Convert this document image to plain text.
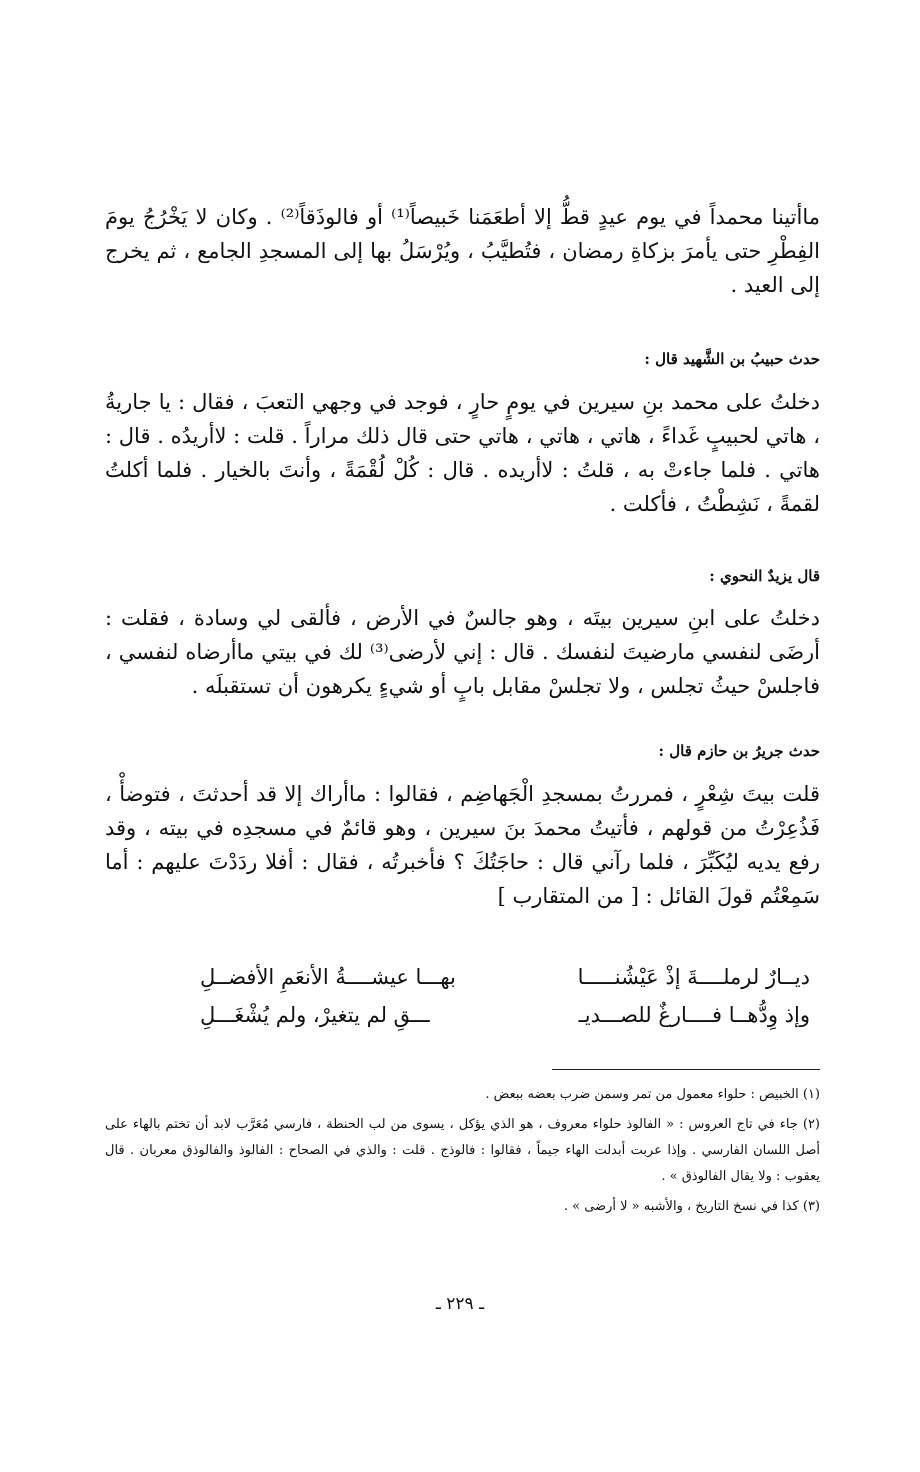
ماأتينا محمداً في يوم عيدٍ قطُّ إلا أطعَمَنا خَبيصاً⁽¹⁾ أو فالوذَقاً⁽²⁾ . وكان لا يَخْرُجُ يومَ الفِطْرِ حتى يأمرَ بزكاةِ رمضان ، فتُطيَّبُ ، ويُرْسَلُ بها إلى المسجدِ الجامع ، ثم يخرج إلى العيد .

حدث حبيبُ بن الشَّهيد قال :

دخلتُ على محمد بنِ سيرين في يومٍ حارٍ ، فوجد في وجهي التعبَ ، فقال : يا جاريةُ ، هاتي لحبيبٍ غَداءً ، هاتي ، هاتي ، هاتي حتى قال ذلك مراراً . قلت : لاأريدُه . قال : هاتي . فلما جاءتْ به ، قلتُ : لاأريده . قال : كُلْ لُقْمَةً ، وأنتَ بالخيار . فلما أكلتُ لقمةً ، نَشِطْتُ ، فأكلت .

قال يزيدٌ النحوي :

دخلتُ على ابنِ سيرين بيتَه ، وهو جالسٌ في الأرض ، فألقى لي وسادة ، فقلت : أرضَى لنفسي مارضيتَ لنفسك . قال : إني لأرضى⁽³⁾ لك في بيتي ماأرضاه لنفسي ، فاجلسْ حيثُ تجلس ، ولا تجلسْ مقابل بابٍ أو شيءٍ يكرهون أن تستقبلَه .

حدث جريرُ بن حازم قال :

قلت بيتَ شِعْرٍ ، فمررتُ بمسجدِ الْجَهاضِم ، فقالوا : ماأراك إلا قد أحدثتَ ، فتوضأْ ، فَذُعِرْتُ من قولهم ، فأتيتُ محمدَ بنَ سيرين ، وهو قائمٌ في مسجدِه في بيته ، وقد رفع يديه ليُكَبِّرَ ، فلما رآني قال : حاجَتُكَ ؟ فأخبرتُه ، فقال : أفلا ردَدْتَ عليهم : أما سَمِعْتُم قولَ القائل : [ من المتقارب ]

ديــارٌ لرملــــةَ إذْ عَيْشُنـــــا
بهـــا عيشــــةُ الأنعَمِ الأفضــلِ
وإذ وِدُّهــا فــــارغٌ للصـــديـ
ـــقِ لم يتغيرْ، ولم يُشْغَـــلِ

(١) الخبيص : حلواء معمول من تمر وسمن ضرب بعضه ببعض .

(٢) جاء في تاج العروس : « الفالوذ حلواء معروف ، هو الذي يؤكل ، يسوى من لب الحنطة ، فارسي مُعَرَّب لابد أن تختم بالهاء على أصل اللسان الفارسي . وإذا عربت أبدلت الهاء جيماً ، فقالوا : فالوذج . قلت : والذي في الصحاح : الفالوذ والفالوذق معربان . قال يعقوب : ولا يقال الفالوذق » .

(٣) كذا في نسخ التاريخ ، والأشبه « لا أرضى » .

ـ ٢٢٩ ـ
